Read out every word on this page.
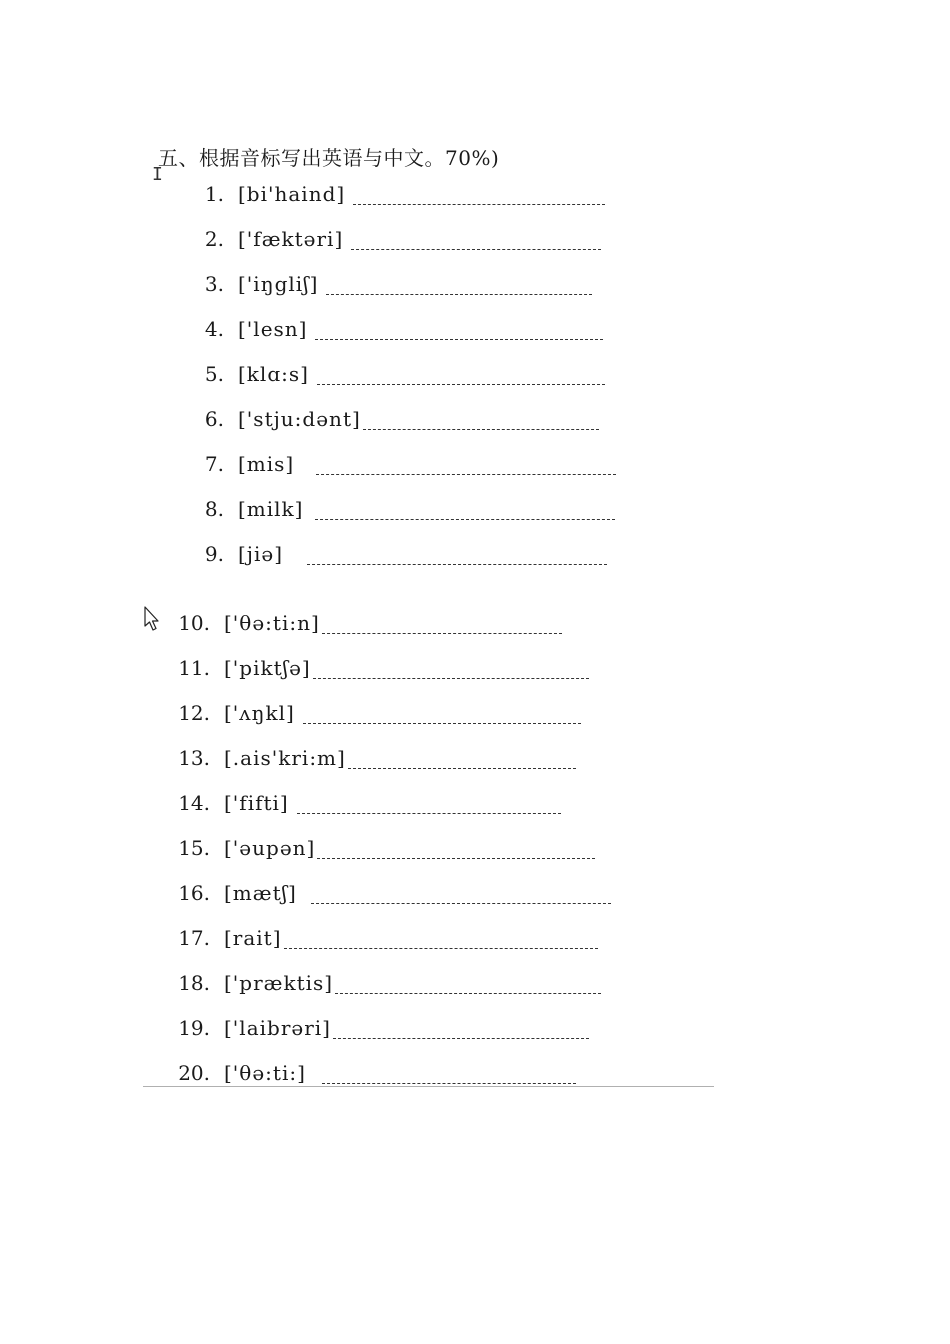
五、根据音标写出英语与中文。70%)
I
1. [bi'haind]
2. ['fæktəri]
3. ['iŋgliʃ]
4. ['lesn]
5. [klɑ:s]
6. ['stju:dənt]
7. [mis]
8. [milk]
9. [jiə]
10. ['θə:ti:n]
11. ['piktʃə]
12. ['ʌŋkl]
13. [.ais'kri:m]
14. ['fifti]
15. ['əupən]
16. [mætʃ]
17. [rait]
18. ['præktis]
19. ['laibrəri]
20. ['θə:ti:]
